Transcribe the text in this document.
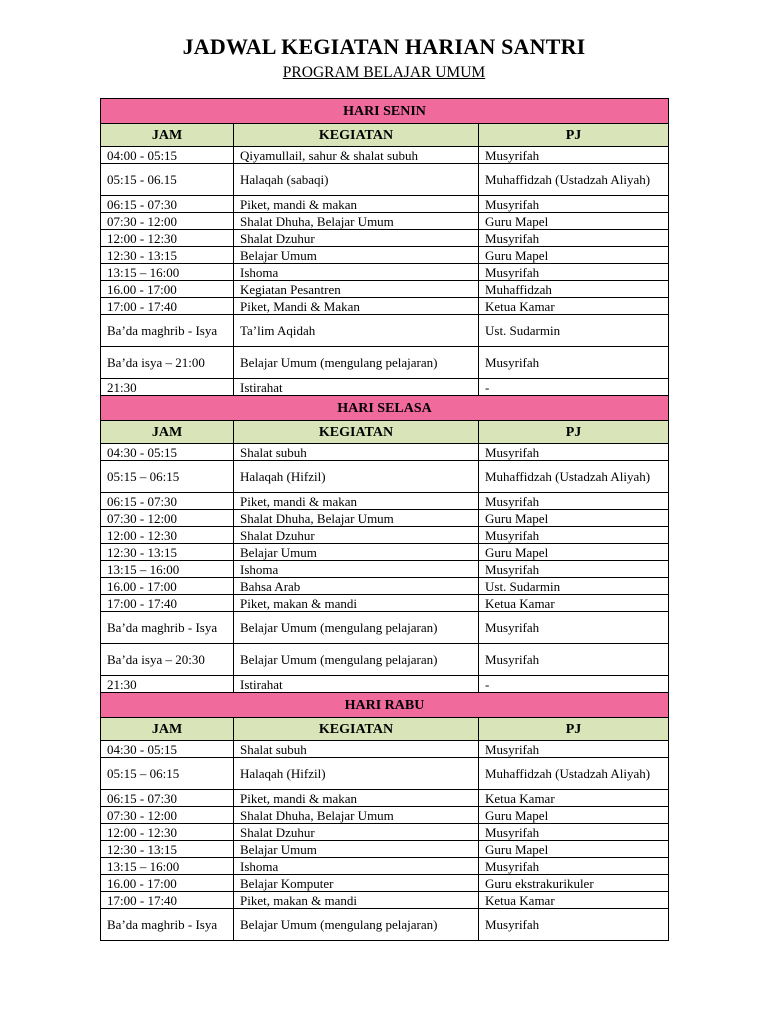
JADWAL KEGIATAN HARIAN SANTRI
PROGRAM BELAJAR UMUM
HARI SENIN		
JAM	KEGIATAN	PJ
04:00 - 05:15	Qiyamullail, sahur & shalat subuh	Musyrifah
05:15 - 06.15	Halaqah (sabaqi)	Muhaffidzah (Ustadzah Aliyah)
06:15 - 07:30	Piket, mandi & makan	Musyrifah
07:30 - 12:00	Shalat Dhuha, Belajar Umum	Guru Mapel
12:00 - 12:30	Shalat Dzuhur	Musyrifah
12:30 - 13:15	Belajar Umum	Guru Mapel
13:15 – 16:00	Ishoma	Musyrifah
16.00 - 17:00	Kegiatan Pesantren	Muhaffidzah
17:00 - 17:40	Piket, Mandi & Makan	Ketua Kamar
Ba’da maghrib - Isya	Ta’lim Aqidah	Ust. Sudarmin
Ba’da isya – 21:00	Belajar Umum (mengulang pelajaran)	Musyrifah
21:30	Istirahat	-
HARI SELASA		
JAM	KEGIATAN	PJ
04:30 - 05:15	Shalat subuh	Musyrifah
05:15 – 06:15	Halaqah (Hifzil)	Muhaffidzah (Ustadzah Aliyah)
06:15 - 07:30	Piket, mandi & makan	Musyrifah
07:30 - 12:00	Shalat Dhuha, Belajar Umum	Guru Mapel
12:00 - 12:30	Shalat Dzuhur	Musyrifah
12:30 - 13:15	Belajar Umum	Guru Mapel
13:15 – 16:00	Ishoma	Musyrifah
16.00 - 17:00	Bahsa Arab	Ust. Sudarmin
17:00 - 17:40	Piket, makan & mandi	Ketua Kamar
Ba’da maghrib - Isya	Belajar Umum (mengulang pelajaran)	Musyrifah
Ba’da isya – 20:30	Belajar Umum (mengulang pelajaran)	Musyrifah
21:30	Istirahat	-
HARI RABU		
JAM	KEGIATAN	PJ
04:30 - 05:15	Shalat subuh	Musyrifah
05:15 – 06:15	Halaqah (Hifzil)	Muhaffidzah (Ustadzah Aliyah)
06:15 - 07:30	Piket, mandi & makan	Ketua Kamar
07:30 - 12:00	Shalat Dhuha, Belajar Umum	Guru Mapel
12:00 - 12:30	Shalat Dzuhur	Musyrifah
12:30 - 13:15	Belajar Umum	Guru Mapel
13:15 – 16:00	Ishoma	Musyrifah
16.00 - 17:00	Belajar Komputer	Guru ekstrakurikuler
17:00 - 17:40	Piket, makan & mandi	Ketua Kamar
Ba’da maghrib - Isya	Belajar Umum (mengulang pelajaran)	Musyrifah
